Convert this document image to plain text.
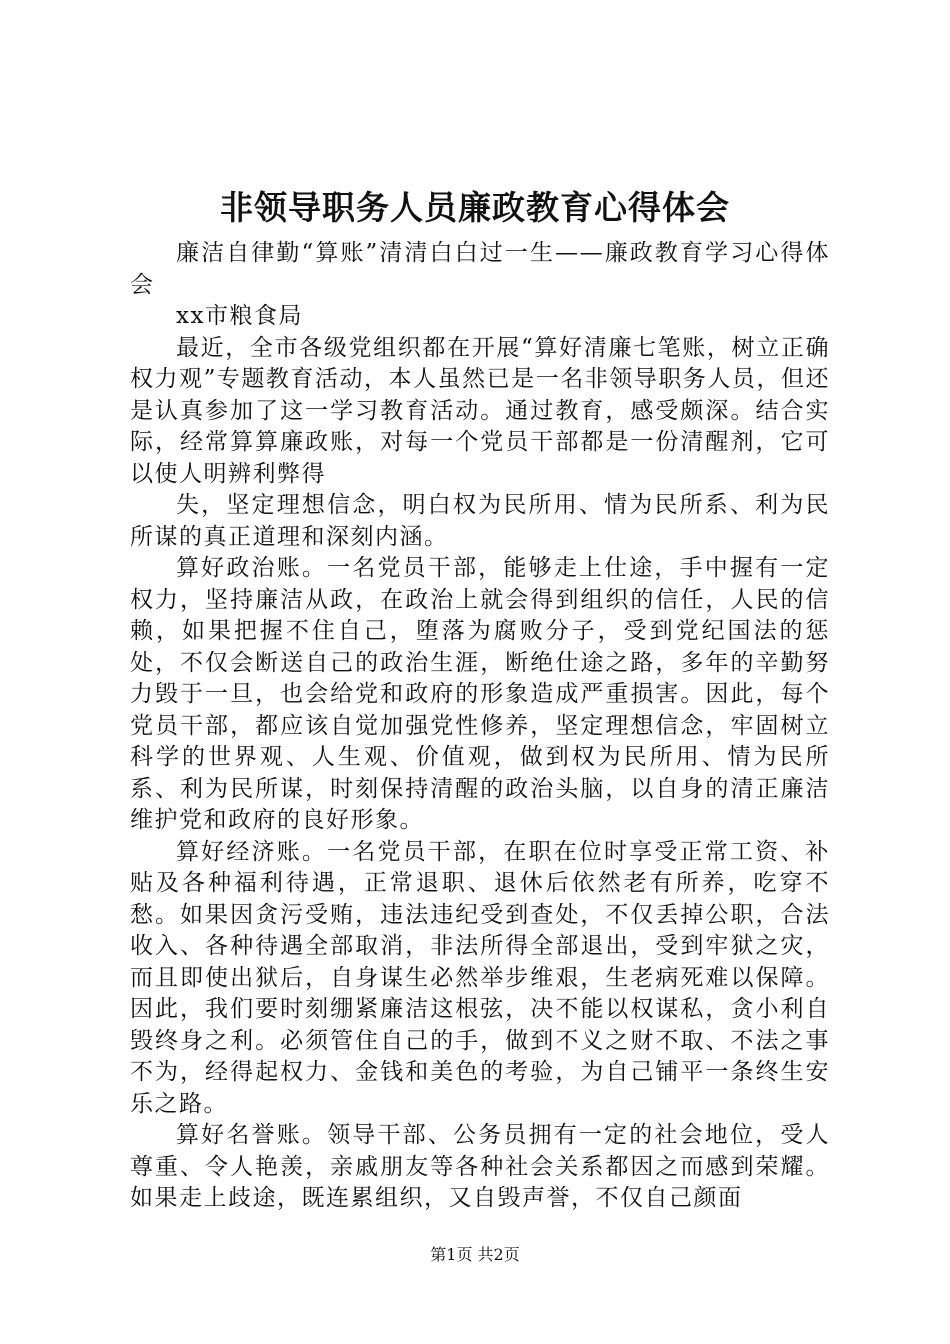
非领导职务人员廉政教育心得体会

廉洁自律勤“算账”清清白白过一生——廉政教育学习心得体会

xx市粮食局

最近，全市各级党组织都在开展“算好清廉七笔账，树立正确权力观”专题教育活动，本人虽然已是一名非领导职务人员，但还是认真参加了这一学习教育活动。通过教育，感受颇深。结合实际，经常算算廉政账，对每一个党员干部都是一份清醒剂，它可以使人明辨利弊得

失，坚定理想信念，明白权为民所用、情为民所系、利为民所谋的真正道理和深刻内涵。

算好政治账。一名党员干部，能够走上仕途，手中握有一定权力，坚持廉洁从政，在政治上就会得到组织的信任，人民的信赖，如果把握不住自己，堕落为腐败分子，受到党纪国法的惩处，不仅会断送自己的政治生涯，断绝仕途之路，多年的辛勤努力毁于一旦，也会给党和政府的形象造成严重损害。因此，每个党员干部，都应该自觉加强党性修养，坚定理想信念，牢固树立科学的世界观、人生观、价值观，做到权为民所用、情为民所系、利为民所谋，时刻保持清醒的政治头脑，以自身的清正廉洁维护党和政府的良好形象。

算好经济账。一名党员干部，在职在位时享受正常工资、补贴及各种福利待遇，正常退职、退休后依然老有所养，吃穿不愁。如果因贪污受贿，违法违纪受到查处，不仅丢掉公职，合法收入、各种待遇全部取消，非法所得全部退出，受到牢狱之灾，而且即使出狱后，自身谋生必然举步维艰，生老病死难以保障。因此，我们要时刻绷紧廉洁这根弦，决不能以权谋私，贪小利自毁终身之利。必须管住自己的手，做到不义之财不取、不法之事不为，经得起权力、金钱和美色的考验，为自己铺平一条终生安乐之路。

算好名誉账。领导干部、公务员拥有一定的社会地位，受人尊重、令人艳羡，亲戚朋友等各种社会关系都因之而感到荣耀。如果走上歧途，既连累组织，又自毁声誉，不仅自己颜面

第1页 共2页
